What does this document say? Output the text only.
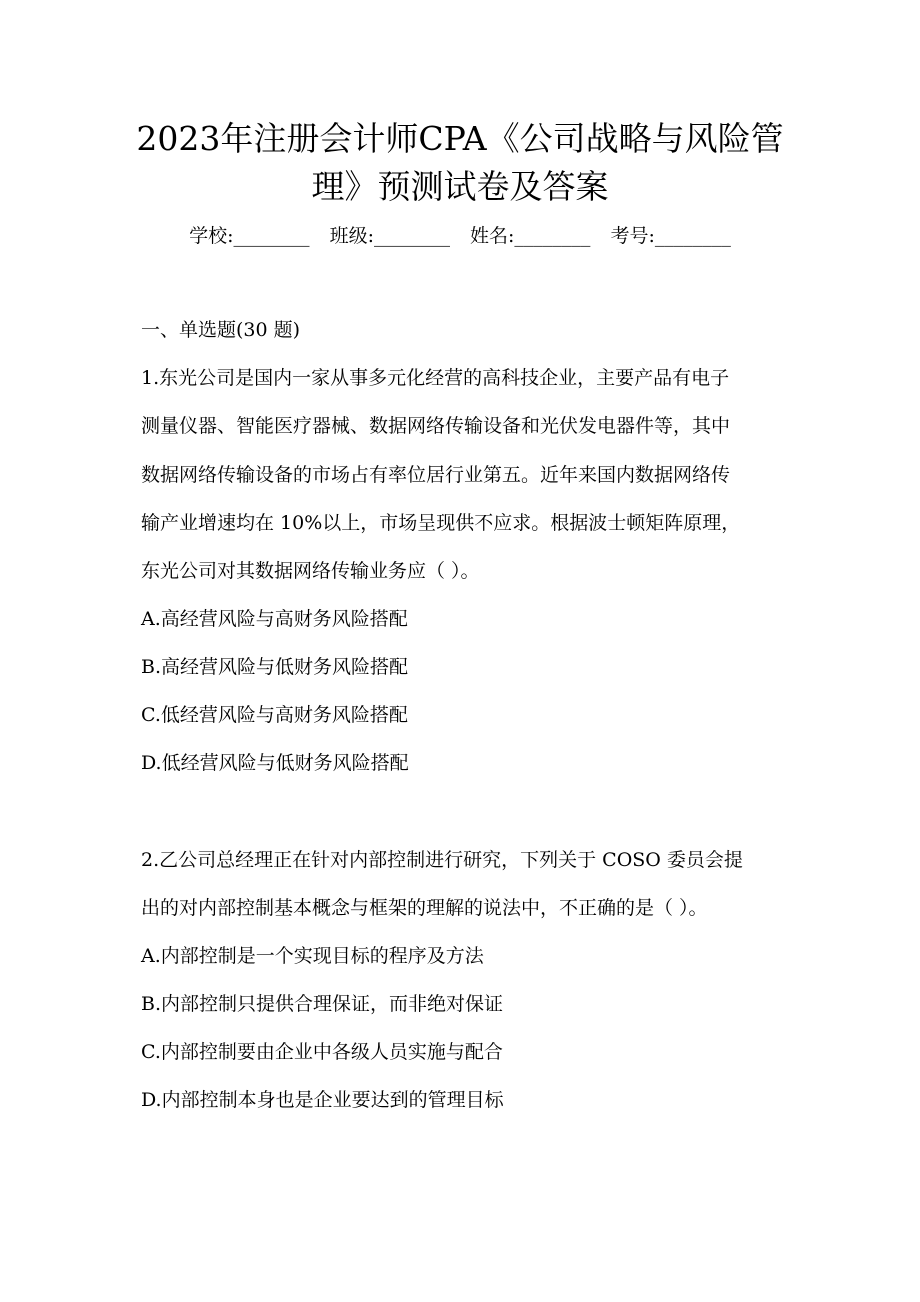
2023年注册会计师CPA《公司战略与风险管
理》预测试卷及答案
学校:________ 班级:________ 姓名:________ 考号:________
一、单选题(30 题)
1.东光公司是国内一家从事多元化经营的高科技企业，主要产品有电子
测量仪器、智能医疗器械、数据网络传输设备和光伏发电器件等，其中
数据网络传输设备的市场占有率位居行业第五。近年来国内数据网络传
输产业增速均在 10%以上，市场呈现供不应求。根据波士顿矩阵原理，
东光公司对其数据网络传输业务应（ ）。
A.高经营风险与高财务风险搭配
B.高经营风险与低财务风险搭配
C.低经营风险与高财务风险搭配
D.低经营风险与低财务风险搭配
2.乙公司总经理正在针对内部控制进行研究，下列关于 COSO 委员会提
出的对内部控制基本概念与框架的理解的说法中，不正确的是（ ）。
A.内部控制是一个实现目标的程序及方法
B.内部控制只提供合理保证，而非绝对保证
C.内部控制要由企业中各级人员实施与配合
D.内部控制本身也是企业要达到的管理目标
